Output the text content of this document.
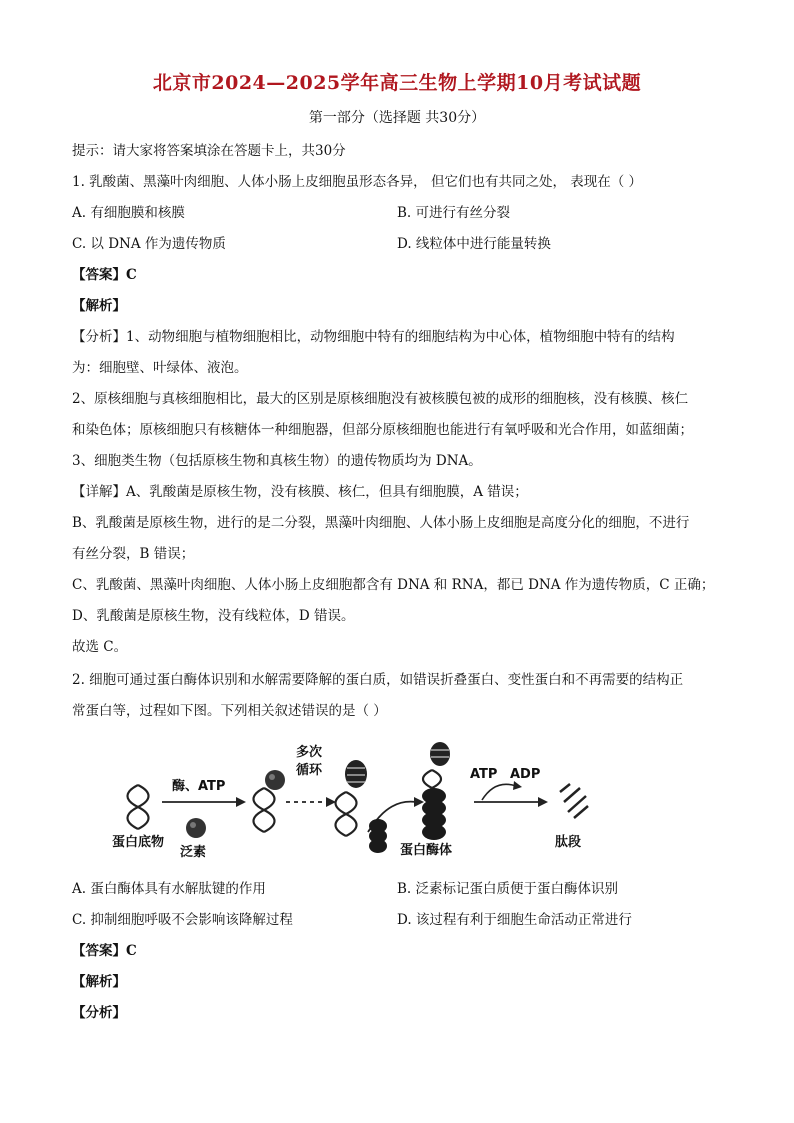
北京市2024—2025学年高三生物上学期10月考试试题
第一部分（选择题 共30分）
提示：请大家将答案填涂在答题卡上，共30分
1. 乳酸菌、黑藻叶肉细胞、人体小肠上皮细胞虽形态各异， 但它们也有共同之处， 表现在（ ）
A. 有细胞膜和核膜	B. 可进行有丝分裂
C. 以 DNA 作为遗传物质	D. 线粒体中进行能量转换
【答案】C
【解析】
【分析】1、动物细胞与植物细胞相比，动物细胞中特有的细胞结构为中心体，植物细胞中特有的结构
为：细胞壁、叶绿体、液泡。
2、原核细胞与真核细胞相比，最大的区别是原核细胞没有被核膜包被的成形的细胞核，没有核膜、核仁
和染色体；原核细胞只有核糖体一种细胞器，但部分原核细胞也能进行有氧呼吸和光合作用，如蓝细菌；
3、细胞类生物（包括原核生物和真核生物）的遗传物质均为 DNA。
【详解】A、乳酸菌是原核生物，没有核膜、核仁，但具有细胞膜，A 错误；
B、乳酸菌是原核生物，进行的是二分裂，黑藻叶肉细胞、人体小肠上皮细胞是高度分化的细胞，不进行
有丝分裂，B 错误；
C、乳酸菌、黑藻叶肉细胞、人体小肠上皮细胞都含有 DNA 和 RNA，都已 DNA 作为遗传物质，C 正确；
D、乳酸菌是原核生物，没有线粒体，D 错误。
故选 C。
2. 细胞可通过蛋白酶体识别和水解需要降解的蛋白质，如错误折叠蛋白、变性蛋白和不再需要的结构正
常蛋白等，过程如下图。下列相关叙述错误的是（ ）
蛋白底物
酶、ATP
泛素
多次
循环
蛋白酶体
ATP ADP
肽段
A. 蛋白酶体具有水解肽键的作用	B. 泛素标记蛋白质便于蛋白酶体识别
C. 抑制细胞呼吸不会影响该降解过程	D. 该过程有利于细胞生命活动正常进行
【答案】C
【解析】
【分析】
